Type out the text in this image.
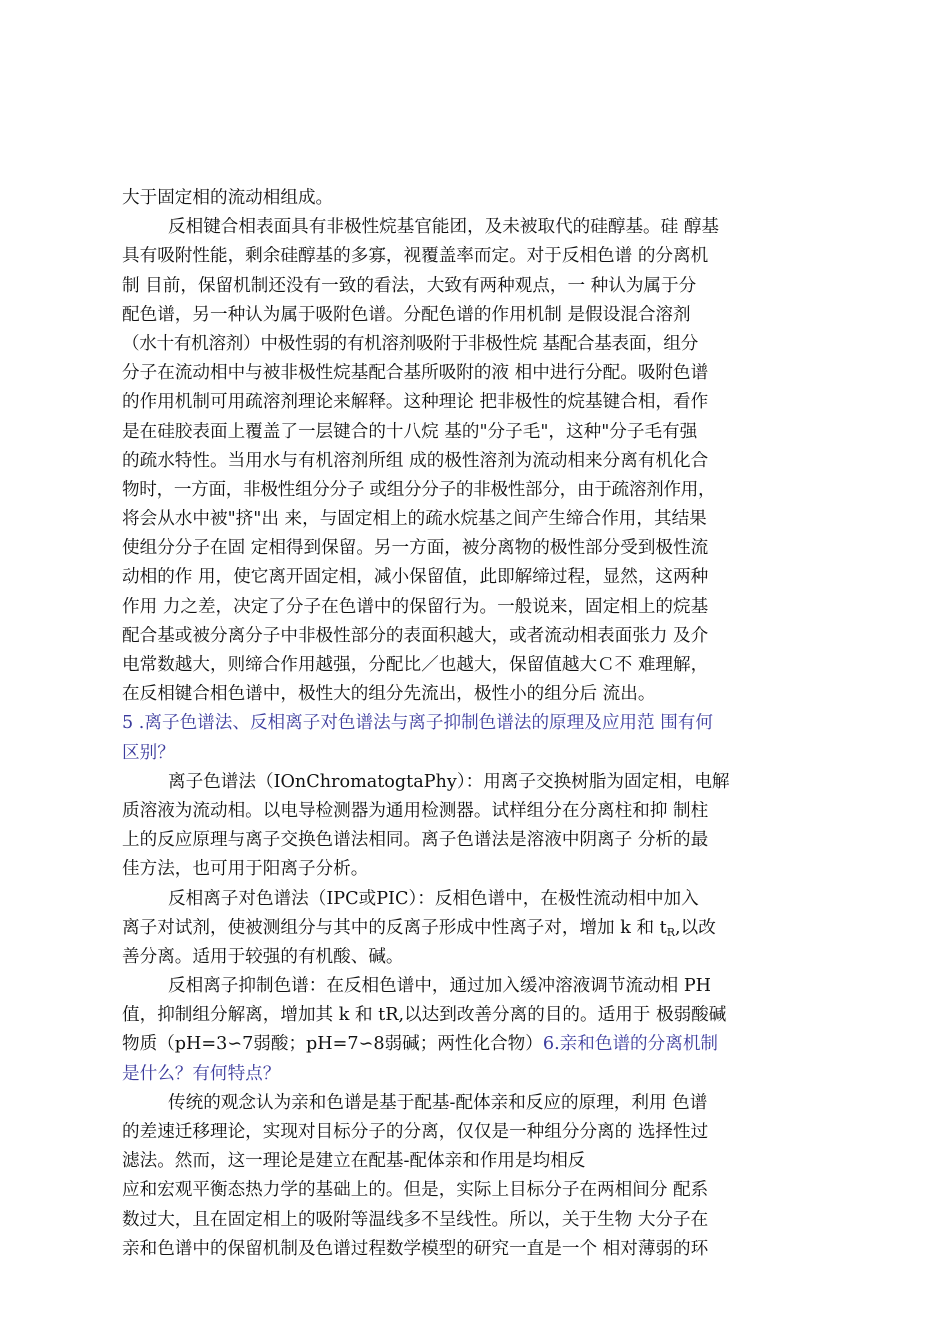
大于固定相的流动相组成。
反相键合相表面具有非极性烷基官能团，及未被取代的硅醇基。硅 醇基
具有吸附性能，剩余硅醇基的多寡，视覆盖率而定。对于反相色谱 的分离机
制 目前，保留机制还没有一致的看法，大致有两种观点，一 种认为属于分
配色谱，另一种认为属于吸附色谱。分配色谱的作用机制 是假设混合溶剂
（水十有机溶剂）中极性弱的有机溶剂吸附于非极性烷 基配合基表面，组分
分子在流动相中与被非极性烷基配合基所吸附的液 相中进行分配。吸附色谱
的作用机制可用疏溶剂理论来解释。这种理论 把非极性的烷基键合相，看作
是在硅胶表面上覆盖了一层键合的十八烷 基的"分子毛"，这种"分子毛有强
的疏水特性。当用水与有机溶剂所组 成的极性溶剂为流动相来分离有机化合
物时，一方面，非极性组分分子 或组分分子的非极性部分，由于疏溶剂作用，
将会从水中被"挤"出 来，与固定相上的疏水烷基之间产生缔合作用，其结果
使组分分子在固 定相得到保留。另一方面，被分离物的极性部分受到极性流
动相的作 用，使它离开固定相，减小保留值，此即解缔过程，显然，这两种
作用 力之差，决定了分子在色谱中的保留行为。一般说来，固定相上的烷基
配合基或被分离分子中非极性部分的表面积越大，或者流动相表面张力 及介
电常数越大，则缔合作用越强，分配比／也越大，保留值越大Ｃ不 难理解，
在反相键合相色谱中，极性大的组分先流出，极性小的组分后 流出。
5 .离子色谱法、反相离子对色谱法与离子抑制色谱法的原理及应用范 围有何
区别？
离子色谱法（IOnChromatogtaPhy）：用离子交换树脂为固定相，电解
质溶液为流动相。以电导检测器为通用检测器。试样组分在分离柱和抑 制柱
上的反应原理与离子交换色谱法相同。离子色谱法是溶液中阴离子 分析的最
佳方法，也可用于阳离子分析。
反相离子对色谱法（IPC或PIC）：反相色谱中，在极性流动相中加入
离子对试剂，使被测组分与其中的反离子形成中性离子对，增加 k 和 $t_R$,以改
善分离。适用于较强的有机酸、碱。
反相离子抑制色谱：在反相色谱中，通过加入缓冲溶液调节流动相 PH
值，抑制组分解离，增加其 k 和 tR,以达到改善分离的目的。适用于 极弱酸碱
物质（pH=3∽7弱酸；pH=7∽8弱碱；两性化合物）6.亲和色谱的分离机制
是什么？有何特点？
传统的观念认为亲和色谱是基于配基-配体亲和反应的原理，利用 色谱
的差速迁移理论，实现对目标分子的分离，仅仅是一种组分分离的 选择性过
滤法。然而，这一理论是建立在配基-配体亲和作用是均相反
应和宏观平衡态热力学的基础上的。但是，实际上目标分子在两相间分 配系
数过大，且在固定相上的吸附等温线多不呈线性。所以，关于生物 大分子在
亲和色谱中的保留机制及色谱过程数学模型的研究一直是一个 相对薄弱的环
